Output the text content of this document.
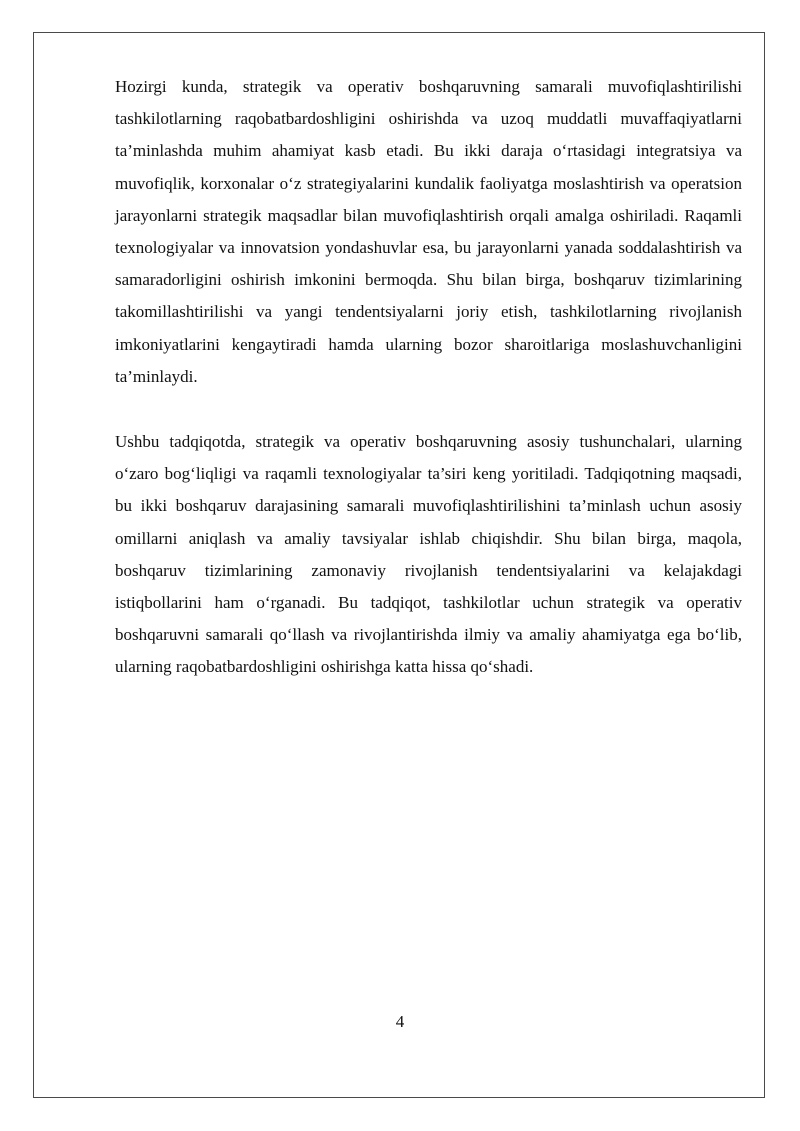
Hozirgi kunda, strategik va operativ boshqaruvning samarali muvofiqlashtirilishi tashkilotlarning raqobatbardoshligini oshirishda va uzoq muddatli muvaffaqiyatlarni ta’minlashda muhim ahamiyat kasb etadi. Bu ikki daraja o‘rtasidagi integratsiya va muvofiqlik, korxonalar o‘z strategiyalarini kundalik faoliyatga moslashtirish va operatsion jarayonlarni strategik maqsadlar bilan muvofiqlashtirish orqali amalga oshiriladi. Raqamli texnologiyalar va innovatsion yondashuvlar esa, bu jarayonlarni yanada soddalashtirish va samaradorligini oshirish imkonini bermoqda. Shu bilan birga, boshqaruv tizimlarining takomillashtirilishi va yangi tendentsiyalarni joriy etish, tashkilotlarning rivojlanish imkoniyatlarini kengaytiradi hamda ularning bozor sharoitlariga moslashuvchanligini ta’minlaydi.

Ushbu tadqiqotda, strategik va operativ boshqaruvning asosiy tushunchalari, ularning o‘zaro bog‘liqligi va raqamli texnologiyalar ta’siri keng yoritiladi. Tadqiqotning maqsadi, bu ikki boshqaruv darajasining samarali muvofiqlashtirilishini ta’minlash uchun asosiy omillarni aniqlash va amaliy tavsiyalar ishlab chiqishdir. Shu bilan birga, maqola, boshqaruv tizimlarining zamonaviy rivojlanish tendentsiyalarini va kelajakdagi istiqbollarini ham o‘rganadi. Bu tadqiqot, tashkilotlar uchun strategik va operativ boshqaruvni samarali qo‘llash va rivojlantirishda ilmiy va amaliy ahamiyatga ega bo‘lib, ularning raqobatbardoshligini oshirishga katta hissa qo‘shadi.

4
